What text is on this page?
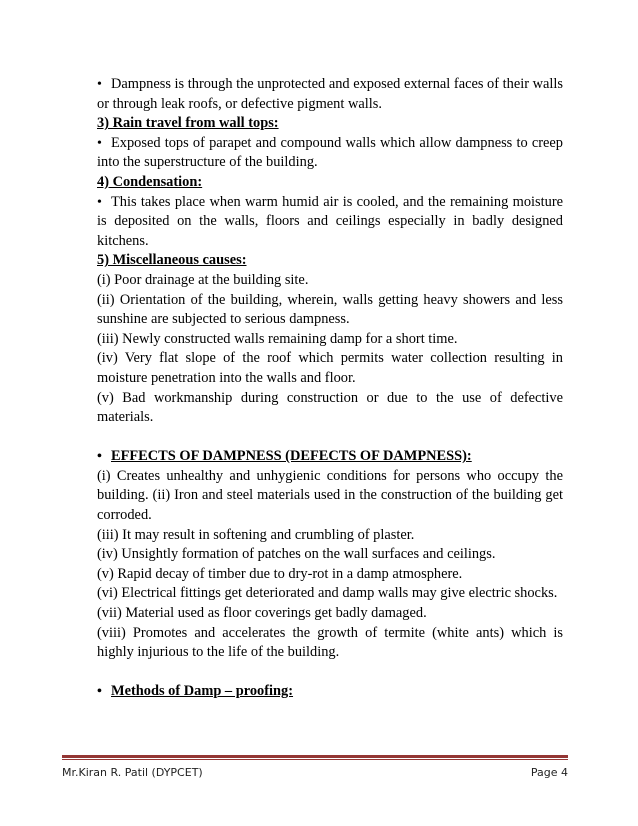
• Dampness is through the unprotected and exposed external faces of their walls or through leak roofs, or defective pigment walls.

3) Rain travel from wall tops:

• Exposed tops of parapet and compound walls which allow dampness to creep into the superstructure of the building.

4) Condensation:

• This takes place when warm humid air is cooled, and the remaining moisture is deposited on the walls, floors and ceilings especially in badly designed kitchens.

5) Miscellaneous causes:

(i) Poor drainage at the building site.

(ii) Orientation of the building, wherein, walls getting heavy showers and less sunshine are subjected to serious dampness.

(iii) Newly constructed walls remaining damp for a short time.

(iv) Very flat slope of the roof which permits water collection resulting in moisture penetration into the walls and floor.

(v) Bad workmanship during construction or due to the use of defective materials.

• EFFECTS OF DAMPNESS (DEFECTS OF DAMPNESS):

(i) Creates unhealthy and unhygienic conditions for persons who occupy the building. (ii) Iron and steel materials used in the construction of the building get corroded.

(iii) It may result in softening and crumbling of plaster.

(iv) Unsightly formation of patches on the wall surfaces and ceilings.

(v) Rapid decay of timber due to dry-rot in a damp atmosphere.

(vi) Electrical fittings get deteriorated and damp walls may give electric shocks.

(vii) Material used as floor coverings get badly damaged.

(viii) Promotes and accelerates the growth of termite (white ants) which is highly injurious to the life of the building.

• Methods of Damp – proofing:

Mr.Kiran R. Patil (DYPCET)	Page 4
